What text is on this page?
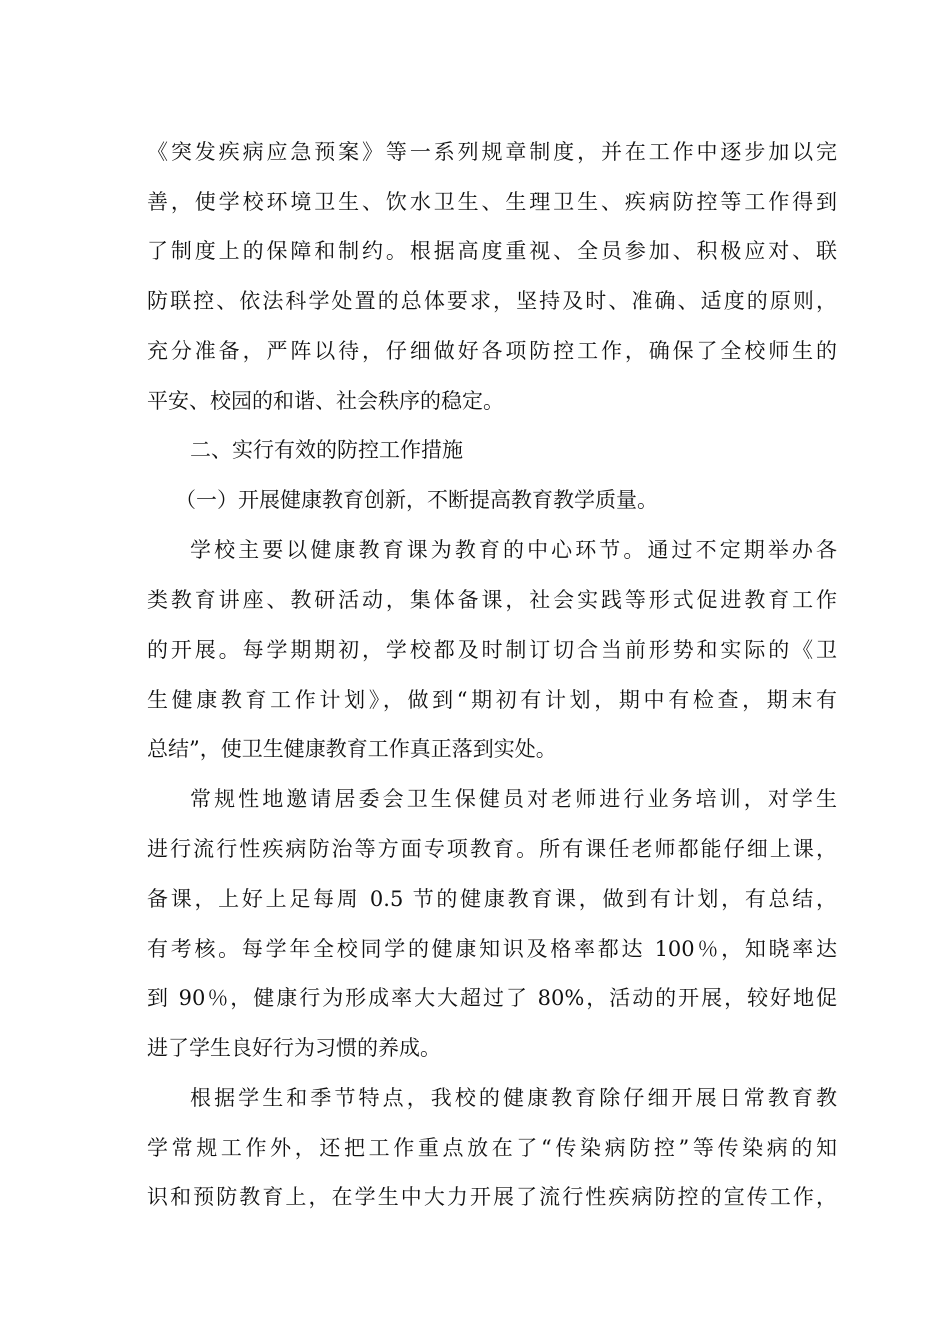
《突发疾病应急预案》等一系列规章制度，并在工作中逐步加以完
善，使学校环境卫生、饮水卫生、生理卫生、疾病防控等工作得到
了制度上的保障和制约。根据高度重视、全员参加、积极应对、联
防联控、依法科学处置的总体要求，坚持及时、准确、适度的原则，
充分准备，严阵以待，仔细做好各项防控工作，确保了全校师生的
平安、校园的和谐、社会秩序的稳定。
二、实行有效的防控工作措施
（一）开展健康教育创新，不断提高教育教学质量。
学校主要以健康教育课为教育的中心环节。通过不定期举办各
类教育讲座、教研活动，集体备课，社会实践等形式促进教育工作
的开展。每学期期初，学校都及时制订切合当前形势和实际的《卫
生健康教育工作计划》，做到“期初有计划，期中有检查，期末有
总结”，使卫生健康教育工作真正落到实处。
常规性地邀请居委会卫生保健员对老师进行业务培训，对学生
进行流行性疾病防治等方面专项教育。所有课任老师都能仔细上课，
备课，上好上足每周 0.5 节的健康教育课，做到有计划，有总结，
有考核。每学年全校同学的健康知识及格率都达 100％，知晓率达
到 90％，健康行为形成率大大超过了 80%，活动的开展，较好地促
进了学生良好行为习惯的养成。
根据学生和季节特点，我校的健康教育除仔细开展日常教育教
学常规工作外，还把工作重点放在了“传染病防控”等传染病的知
识和预防教育上，在学生中大力开展了流行性疾病防控的宣传工作，
